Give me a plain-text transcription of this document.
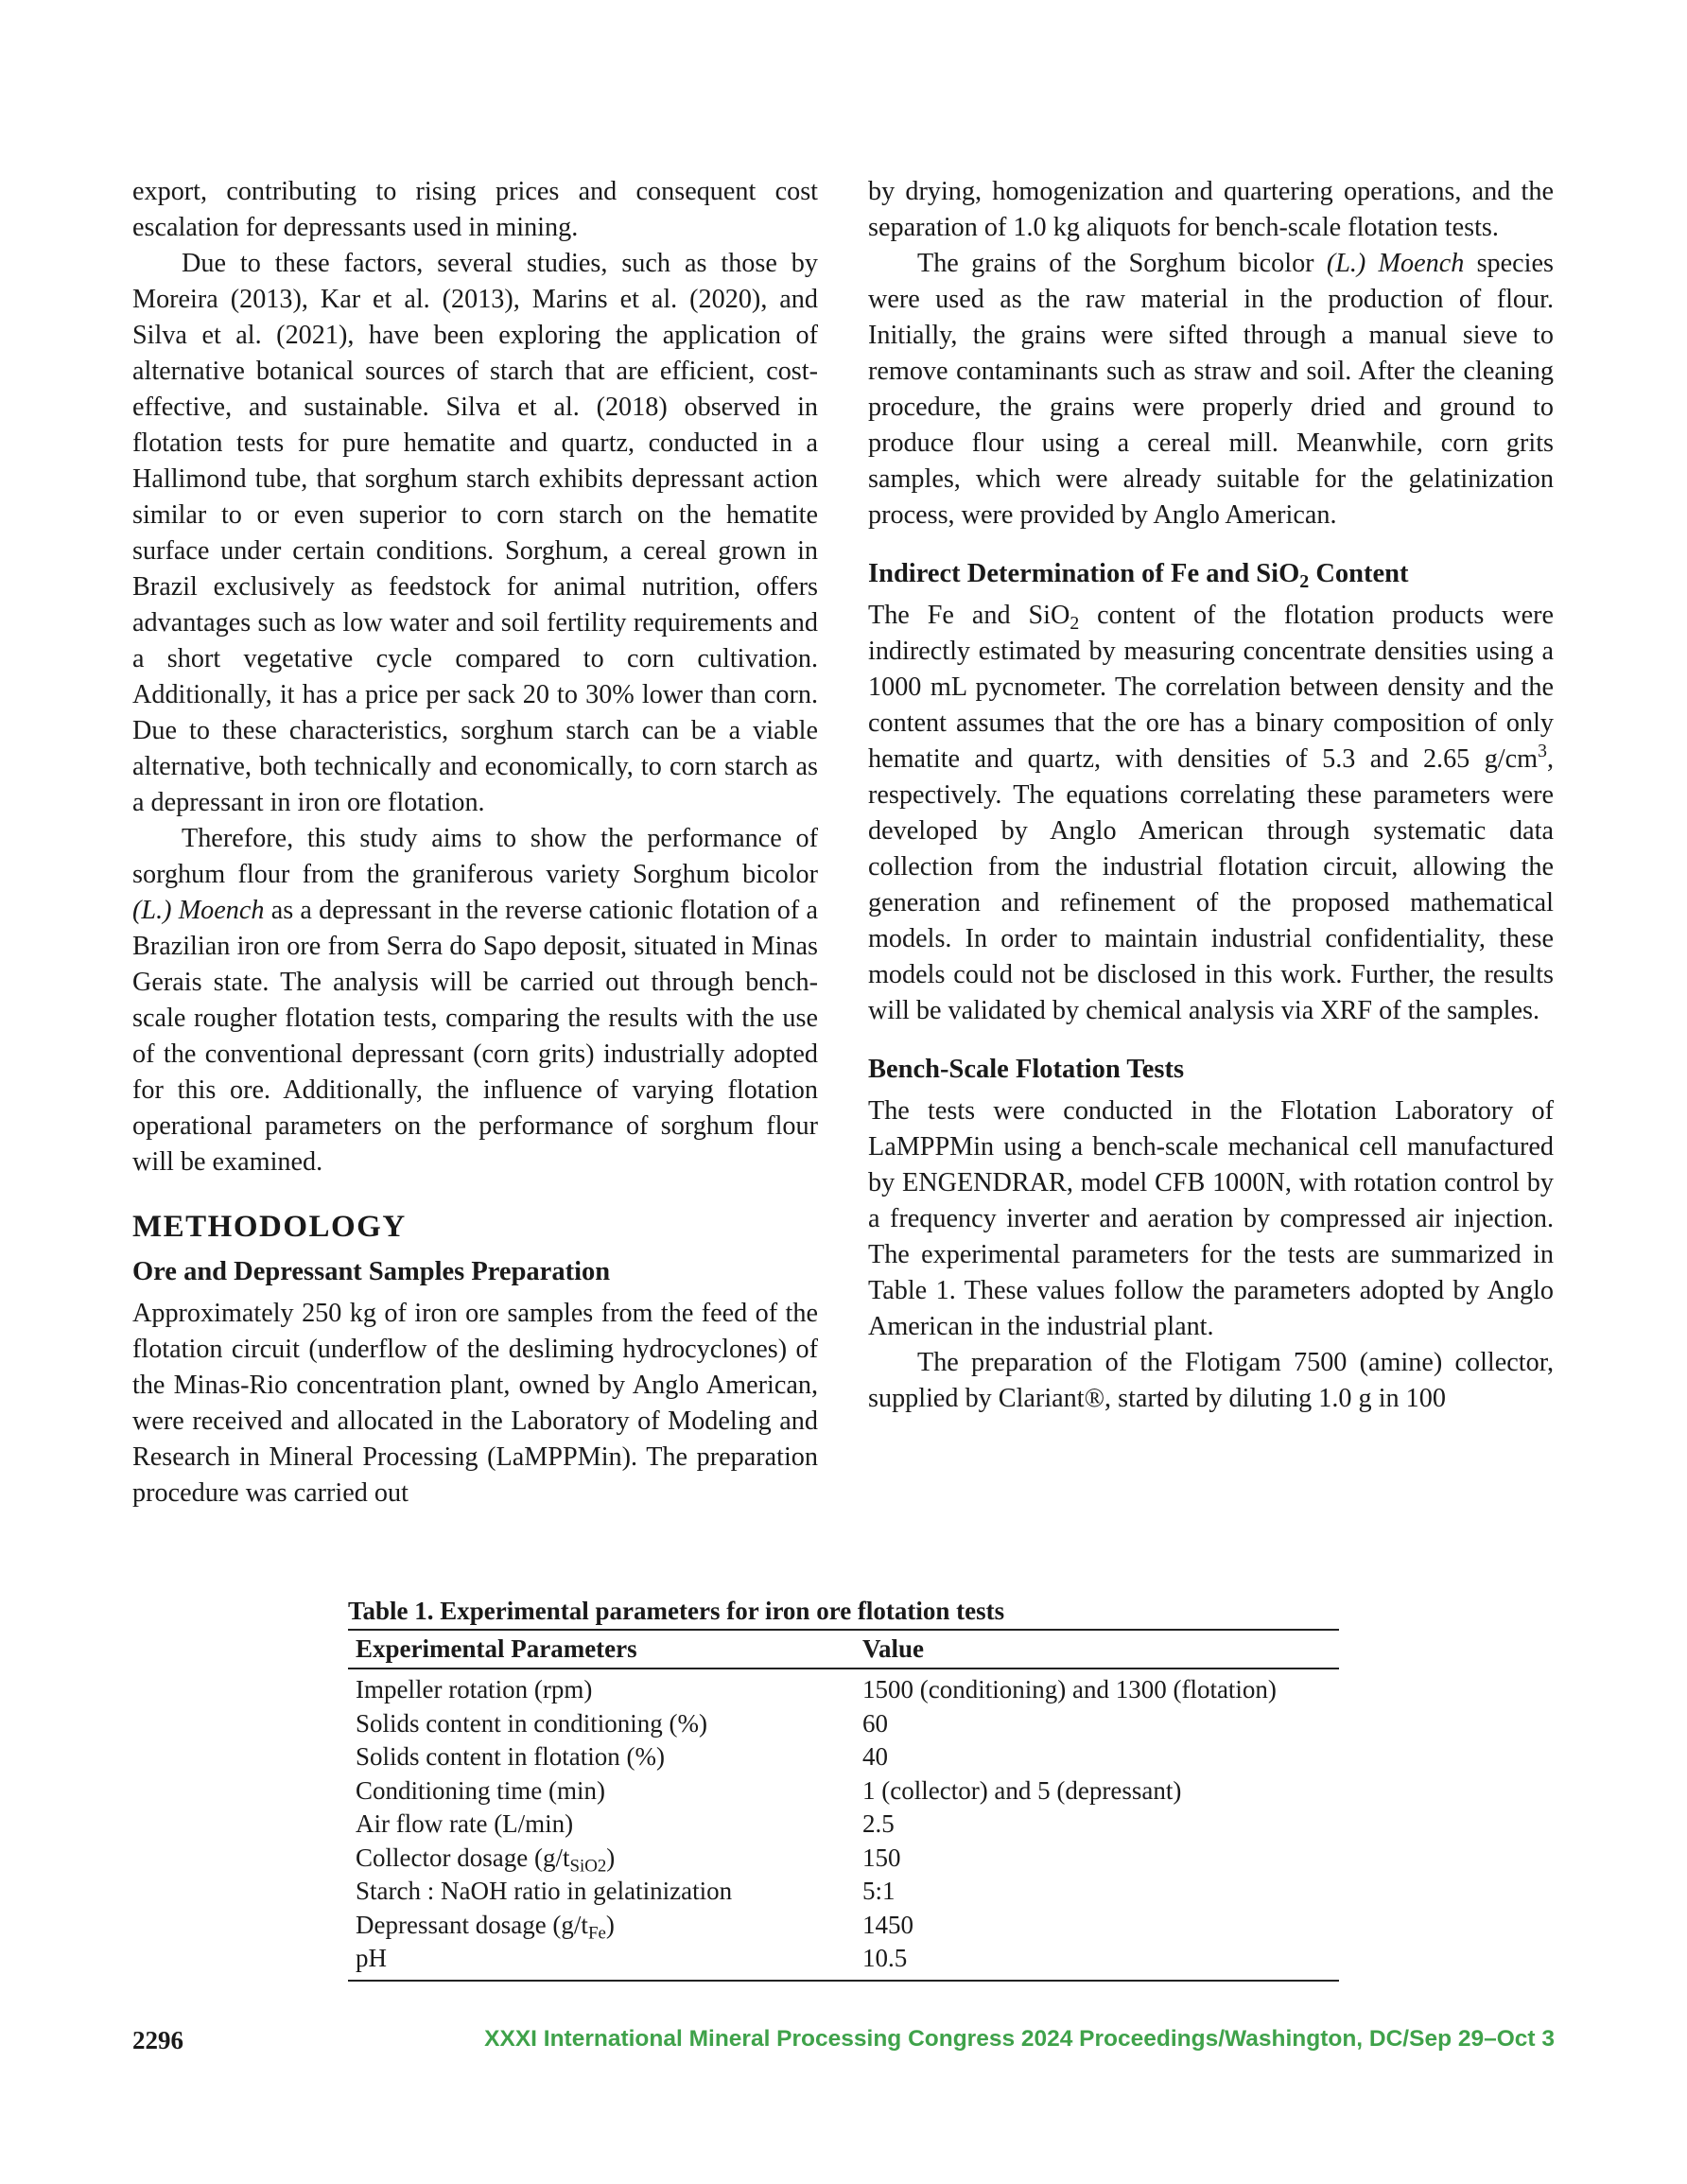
export, contributing to rising prices and consequent cost escalation for depressants used in mining.

Due to these factors, several studies, such as those by Moreira (2013), Kar et al. (2013), Marins et al. (2020), and Silva et al. (2021), have been exploring the application of alternative botanical sources of starch that are efficient, cost-effective, and sustainable. Silva et al. (2018) observed in flotation tests for pure hematite and quartz, conducted in a Hallimond tube, that sorghum starch exhibits depressant action similar to or even superior to corn starch on the hematite surface under certain conditions. Sorghum, a cereal grown in Brazil exclusively as feedstock for animal nutrition, offers advantages such as low water and soil fertility requirements and a short vegetative cycle compared to corn cultivation. Additionally, it has a price per sack 20 to 30% lower than corn. Due to these characteristics, sorghum starch can be a viable alternative, both technically and economically, to corn starch as a depressant in iron ore flotation.

Therefore, this study aims to show the performance of sorghum flour from the graniferous variety Sorghum bicolor (L.) Moench as a depressant in the reverse cationic flotation of a Brazilian iron ore from Serra do Sapo deposit, situated in Minas Gerais state. The analysis will be carried out through bench-scale rougher flotation tests, comparing the results with the use of the conventional depressant (corn grits) industrially adopted for this ore. Additionally, the influence of varying flotation operational parameters on the performance of sorghum flour will be examined.

METHODOLOGY
Ore and Depressant Samples Preparation

Approximately 250 kg of iron ore samples from the feed of the flotation circuit (underflow of the desliming hydrocyclones) of the Minas-Rio concentration plant, owned by Anglo American, were received and allocated in the Laboratory of Modeling and Research in Mineral Processing (LaMPPMin). The preparation procedure was carried out

by drying, homogenization and quartering operations, and the separation of 1.0 kg aliquots for bench-scale flotation tests.

The grains of the Sorghum bicolor (L.) Moench species were used as the raw material in the production of flour. Initially, the grains were sifted through a manual sieve to remove contaminants such as straw and soil. After the cleaning procedure, the grains were properly dried and ground to produce flour using a cereal mill. Meanwhile, corn grits samples, which were already suitable for the gelatinization process, were provided by Anglo American.

Indirect Determination of Fe and SiO$_2$ Content

The Fe and SiO$_2$ content of the flotation products were indirectly estimated by measuring concentrate densities using a 1000 mL pycnometer. The correlation between density and the content assumes that the ore has a binary composition of only hematite and quartz, with densities of 5.3 and 2.65 $g/cm^3$, respectively. The equations correlating these parameters were developed by Anglo American through systematic data collection from the industrial flotation circuit, allowing the generation and refinement of the proposed mathematical models. In order to maintain industrial confidentiality, these models could not be disclosed in this work. Further, the results will be validated by chemical analysis via XRF of the samples.

Bench-Scale Flotation Tests

The tests were conducted in the Flotation Laboratory of LaMPPMin using a bench-scale mechanical cell manufactured by ENGENDRAR, model CFB 1000N, with rotation control by a frequency inverter and aeration by compressed air injection. The experimental parameters for the tests are summarized in Table 1. These values follow the parameters adopted by Anglo American in the industrial plant.

The preparation of the Flotigam 7500 (amine) collector, supplied by Clariant®, started by diluting 1.0 g in 100

Table 1. Experimental parameters for iron ore flotation tests
Experimental Parameters	Value
Impeller rotation (rpm)	1500 (conditioning) and 1300 (flotation)
Solids content in conditioning (%)	60
Solids content in flotation (%)	40
Conditioning time (min)	1 (collector) and 5 (depressant)
Air flow rate (L/min)	2.5
Collector dosage $(g/t_{SiO2})$	150
Starch : NaOH ratio in gelatinization	5:1
Depressant dosage $(g/t_{Fe})$	1450
pH	10.5
2296	XXXI International Mineral Processing Congress 2024 Proceedings/Washington, DC/Sep 29–Oct 3
